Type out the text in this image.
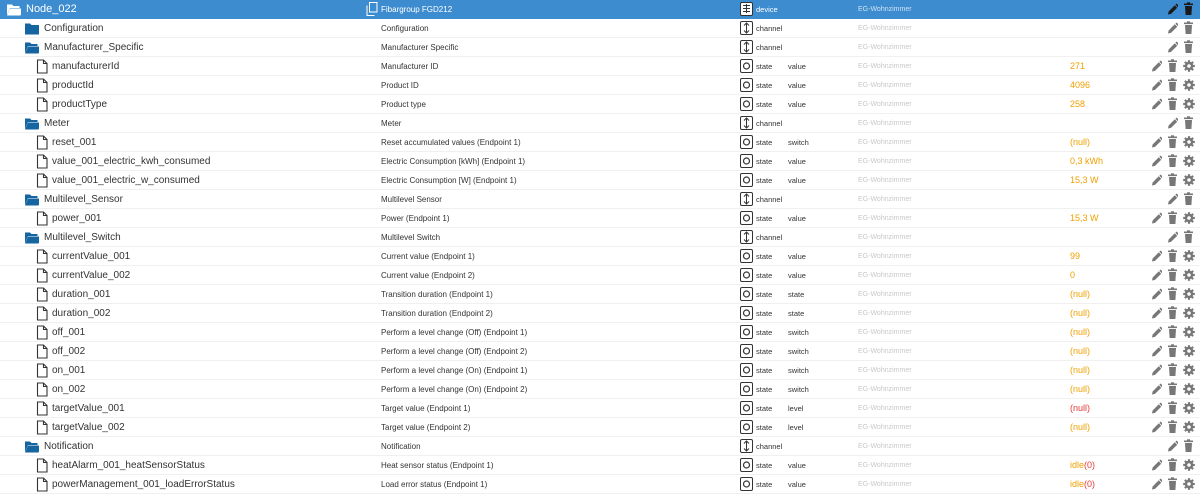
Node_022	Fibargroup FGD212	device	EG-Wohnzimmer
Configuration	Configuration	channel	EG-Wohnzimmer
Manufacturer_Specific	Manufacturer Specific	channel	EG-Wohnzimmer
manufacturerId	Manufacturer ID	state value	EG-Wohnzimmer	271
productId	Product ID	state value	EG-Wohnzimmer	4096
productType	Product type	state value	EG-Wohnzimmer	258
Meter	Meter	channel	EG-Wohnzimmer
reset_001	Reset accumulated values (Endpoint 1)	state switch	EG-Wohnzimmer	(null)
value_001_electric_kwh_consumed	Electric Consumption [kWh] (Endpoint 1)	state value	EG-Wohnzimmer	0,3 kWh
value_001_electric_w_consumed	Electric Consumption [W] (Endpoint 1)	state value	EG-Wohnzimmer	15,3 W
Multilevel_Sensor	Multilevel Sensor	channel	EG-Wohnzimmer
power_001	Power (Endpoint 1)	state value	EG-Wohnzimmer	15,3 W
Multilevel_Switch	Multilevel Switch	channel	EG-Wohnzimmer
currentValue_001	Current value (Endpoint 1)	state value	EG-Wohnzimmer	99
currentValue_002	Current value (Endpoint 2)	state value	EG-Wohnzimmer	0
duration_001	Transition duration (Endpoint 1)	state state	EG-Wohnzimmer	(null)
duration_002	Transition duration (Endpoint 2)	state state	EG-Wohnzimmer	(null)
off_001	Perform a level change (Off) (Endpoint 1)	state switch	EG-Wohnzimmer	(null)
off_002	Perform a level change (Off) (Endpoint 2)	state switch	EG-Wohnzimmer	(null)
on_001	Perform a level change (On) (Endpoint 1)	state switch	EG-Wohnzimmer	(null)
on_002	Perform a level change (On) (Endpoint 2)	state switch	EG-Wohnzimmer	(null)
targetValue_001	Target value (Endpoint 1)	state level	EG-Wohnzimmer	(null)
targetValue_002	Target value (Endpoint 2)	state level	EG-Wohnzimmer	(null)
Notification	Notification	channel	EG-Wohnzimmer
heatAlarm_001_heatSensorStatus	Heat sensor status (Endpoint 1)	state value	EG-Wohnzimmer	idle(0)
powerManagement_001_loadErrorStatus	Load error status (Endpoint 1)	state value	EG-Wohnzimmer	idle(0)
